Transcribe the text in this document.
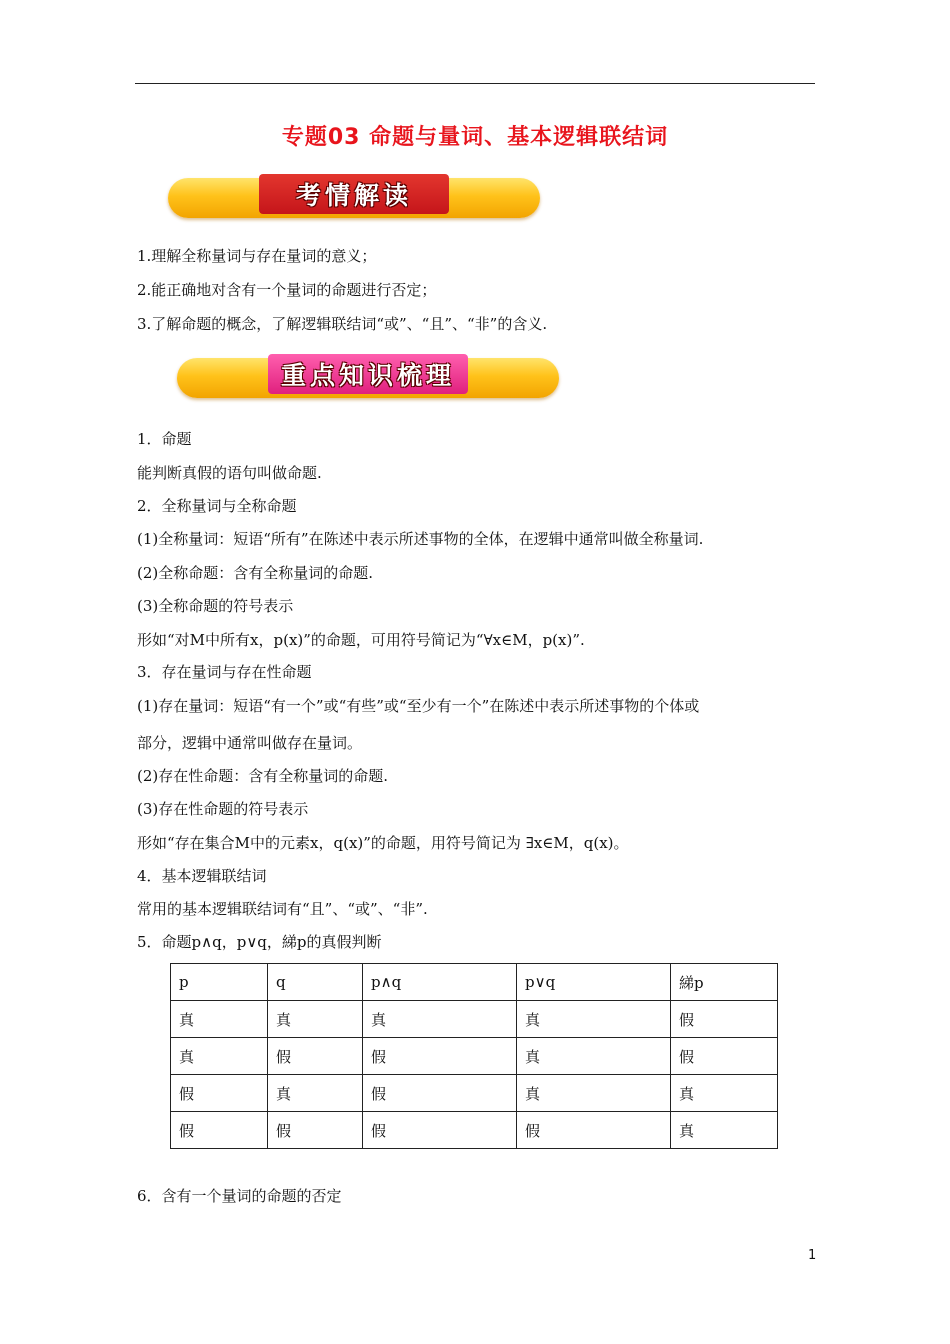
专题03 命题与量词、基本逻辑联结词
考情解读
1.理解全称量词与存在量词的意义；
2.能正确地对含有一个量词的命题进行否定；
3.了解命题的概念，了解逻辑联结词“或”、“且”、“非”的含义.
重点知识梳理
1．命题
能判断真假的语句叫做命题.
2．全称量词与全称命题
(1)全称量词：短语“所有”在陈述中表示所述事物的全体，在逻辑中通常叫做全称量词.
(2)全称命题：含有全称量词的命题.
(3)全称命题的符号表示
形如“对M中所有x，p(x)”的命题，可用符号简记为“∀x∈M，p(x)”.
3．存在量词与存在性命题
(1)存在量词：短语“有一个”或“有些”或“至少有一个”在陈述中表示所述事物的个体或
部分，逻辑中通常叫做存在量词。
(2)存在性命题：含有全称量词的命题.
(3)存在性命题的符号表示
形如“存在集合M中的元素x，q(x)”的命题，用符号简记为 ∃x∈M，q(x)。
4．基本逻辑联结词
常用的基本逻辑联结词有“且”、“或”、“非”.
5．命题p∧q，p∨q，綈p的真假判断
p	q	p∧q	p∨q	綈p
真	真	真	真	假
真	假	假	真	假
假	真	假	真	真
假	假	假	假	真
6．含有一个量词的命题的否定
1
